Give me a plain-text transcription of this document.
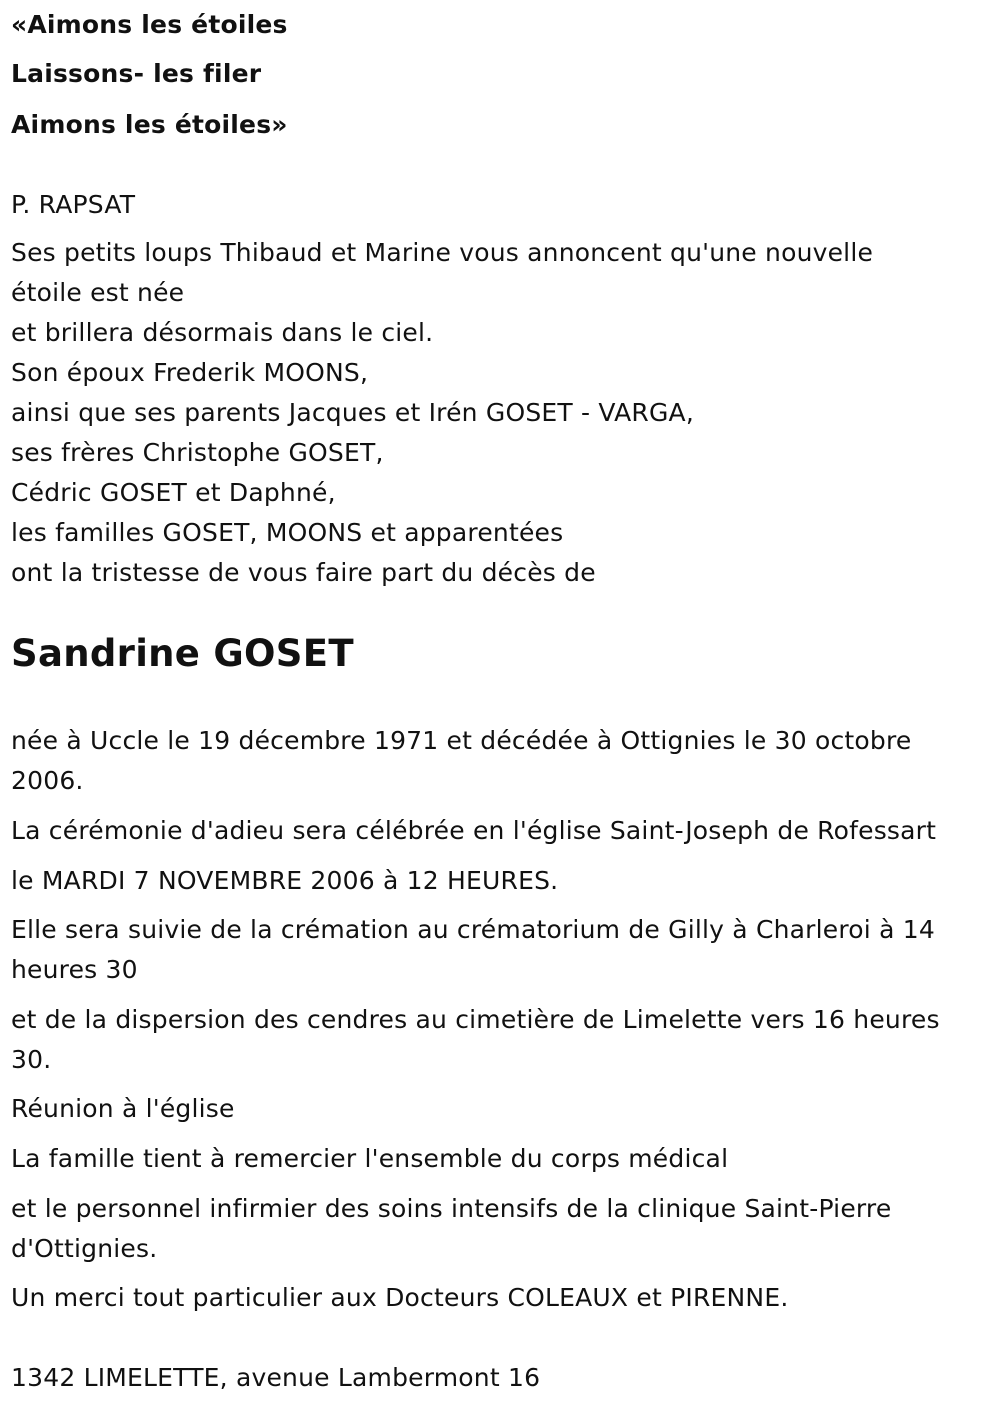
«Aimons les étoiles
Laissons- les filer
Aimons les étoiles»
P. RAPSAT
Ses petits loups Thibaud et Marine vous annoncent qu'une nouvelle
étoile est née
et brillera désormais dans le ciel.
Son époux Frederik MOONS,
ainsi que ses parents Jacques et Irén GOSET - VARGA,
ses frères Christophe GOSET,
Cédric GOSET et Daphné,
les familles GOSET, MOONS et apparentées
ont la tristesse de vous faire part du décès de
Sandrine GOSET
née à Uccle le 19 décembre 1971 et décédée à Ottignies le 30 octobre
2006.
La cérémonie d'adieu sera célébrée en l'église Saint-Joseph de Rofessart
le MARDI 7 NOVEMBRE 2006 à 12 HEURES.
Elle sera suivie de la crémation au crématorium de Gilly à Charleroi à 14
heures 30
et de la dispersion des cendres au cimetière de Limelette vers 16 heures
30.
Réunion à l'église
La famille tient à remercier l'ensemble du corps médical
et le personnel infirmier des soins intensifs de la clinique Saint-Pierre
d'Ottignies.
Un merci tout particulier aux Docteurs COLEAUX et PIRENNE.
1342 LIMELETTE, avenue Lambermont 16
